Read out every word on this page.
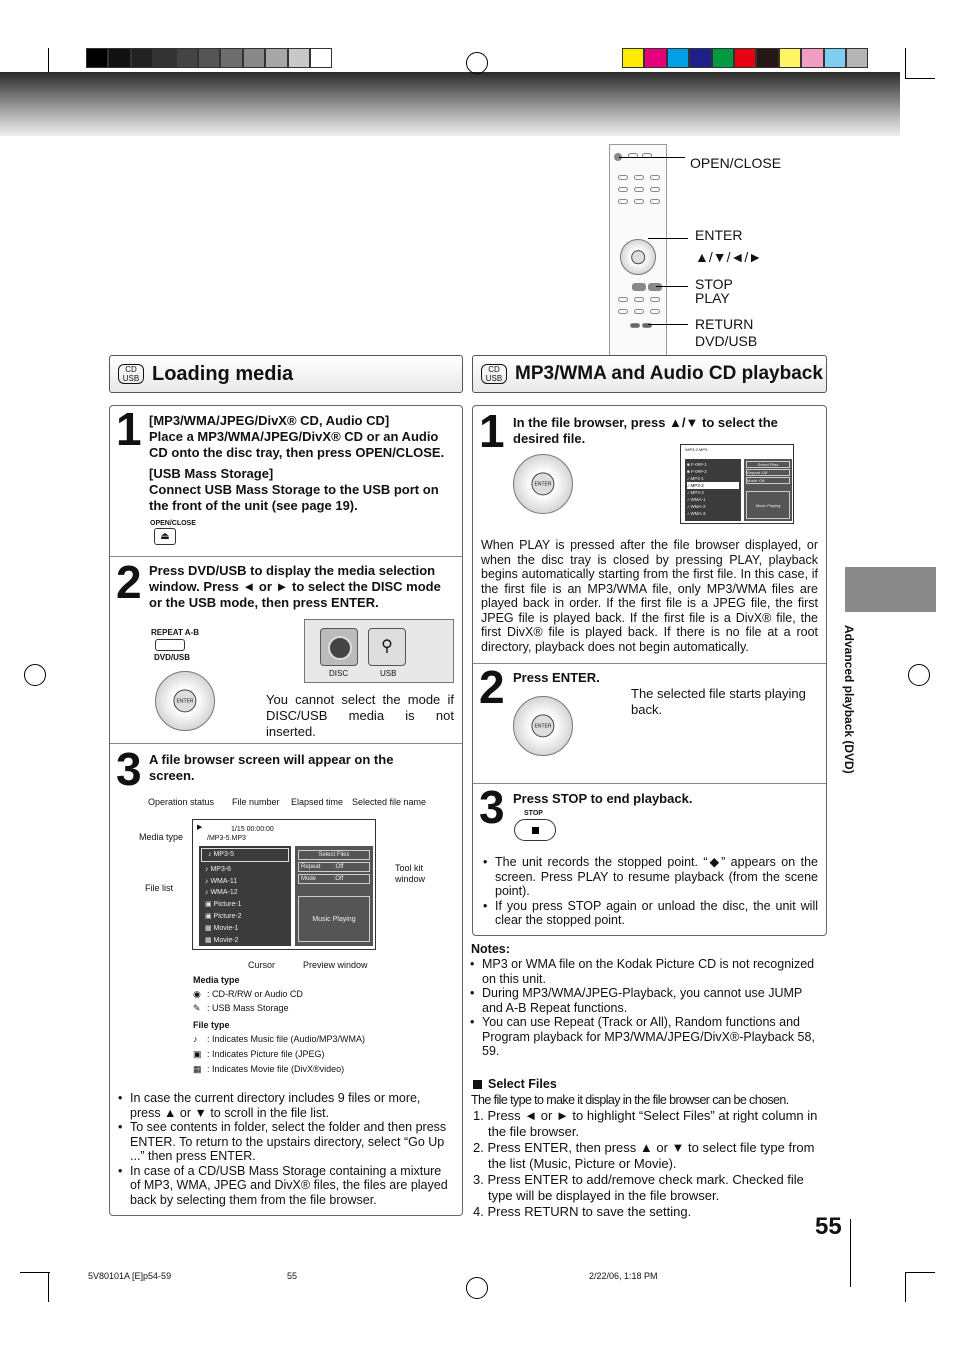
OPEN/CLOSE
ENTER
▲/▼/◄/►
STOP
PLAY
RETURN
DVD/USB
CD USB Loading media	CD USB MP3/WMA and Audio CD playback
1 [MP3/WMA/JPEG/DivX® CD, Audio CD]
Place a MP3/WMA/JPEG/DivX® CD or an Audio CD onto the disc tray, then press OPEN/CLOSE.
[USB Mass Storage]
Connect USB Mass Storage to the USB port on the front of the unit (see page 19).
OPEN/CLOSE
⏏
2 Press DVD/USB to display the media selection window. Press ◄ or ► to select the DISC mode or the USB mode, then press ENTER.
REPEAT A-B
DVD/USB
ENTER
⚲
DISC	USB
You cannot select the mode if DISC/USB media is not inserted.
3 A file browser screen will appear on the screen.
Operation status File number Elapsed time Selected file name
Media type
File list
Tool kit window
Cursor	Preview window
▶	1/15 00:00:00
/MP3-5.MP3
♪ MP3-5
♪ MP3-6
♪ WMA-11
♪ WMA-12
▣ Picture-1
▣ Picture-2
▦ Movie-1
▦ Movie-2
Select Files
Repeat :Off
Mode	:Off
Music Playing
Media type
◉ : CD-R/RW or Audio CD
✎ : USB Mass Storage
File type
♪ : Indicates Music file (Audio/MP3/WMA)
▣ : Indicates Picture file (JPEG)
▦ : Indicates Movie file (DivX®video)
• In case the current directory includes 9 files or more, press ▲ or ▼ to scroll in the file list.
• To see contents in folder, select the folder and then press ENTER. To return to the upstairs directory, select “Go Up ...” then press ENTER.
• In case of a CD/USB Mass Storage containing a mixture of MP3, WMA, JPEG and DivX® files, the files are played back by selecting them from the file browser.
1 In the file browser, press ▲/▼ to select the desired file.
ENTER
/MP3-2.MP3
■ F-0##-1
■ F-0##-2
♪ MP3-1
♪ MP3-2
♪ MP3-3
♪ WMA-1
♪ WMA-2
♪ WMA-3
Select Files
Repeat :Off
Mode :Off
Music Playing
When PLAY is pressed after the file browser displayed, or when the disc tray is closed by pressing PLAY, playback begins automatically starting from the first file. In this case, if the first file is an MP3/WMA file, only MP3/WMA files are played back in order. If the first file is a JPEG file, the first JPEG file is played back. If the first file is a DivX® file, the first DivX® file is played back. If there is no file at a root directory, playback does not begin automatically.
2 Press ENTER.
ENTER
The selected file starts playing back.
3 Press STOP to end playback.
STOP
• The unit records the stopped point. “◆” appears on the screen. Press PLAY to resume playback (from the scene point).
• If you press STOP again or unload the disc, the unit will clear the stopped point.
Notes:
• MP3 or WMA file on the Kodak Picture CD is not recognized on this unit.
• During MP3/WMA/JPEG-Playback, you cannot use JUMP and A-B Repeat functions.
• You can use Repeat (Track or All), Random functions and Program playback for MP3/WMA/JPEG/DivX®-Playback 58, 59.
Select Files
The file type to make it display in the file browser can be chosen.
1. Press ◄ or ► to highlight “Select Files” at right column in the file browser.
2. Press ENTER, then press ▲ or ▼ to select file type from the list (Music, Picture or Movie).
3. Press ENTER to add/remove check mark. Checked file type will be displayed in the file browser.
4. Press RETURN to save the setting.
Advanced playback (DVD)
55
5V80101A [E]p54-59	55	2/22/06, 1:18 PM
